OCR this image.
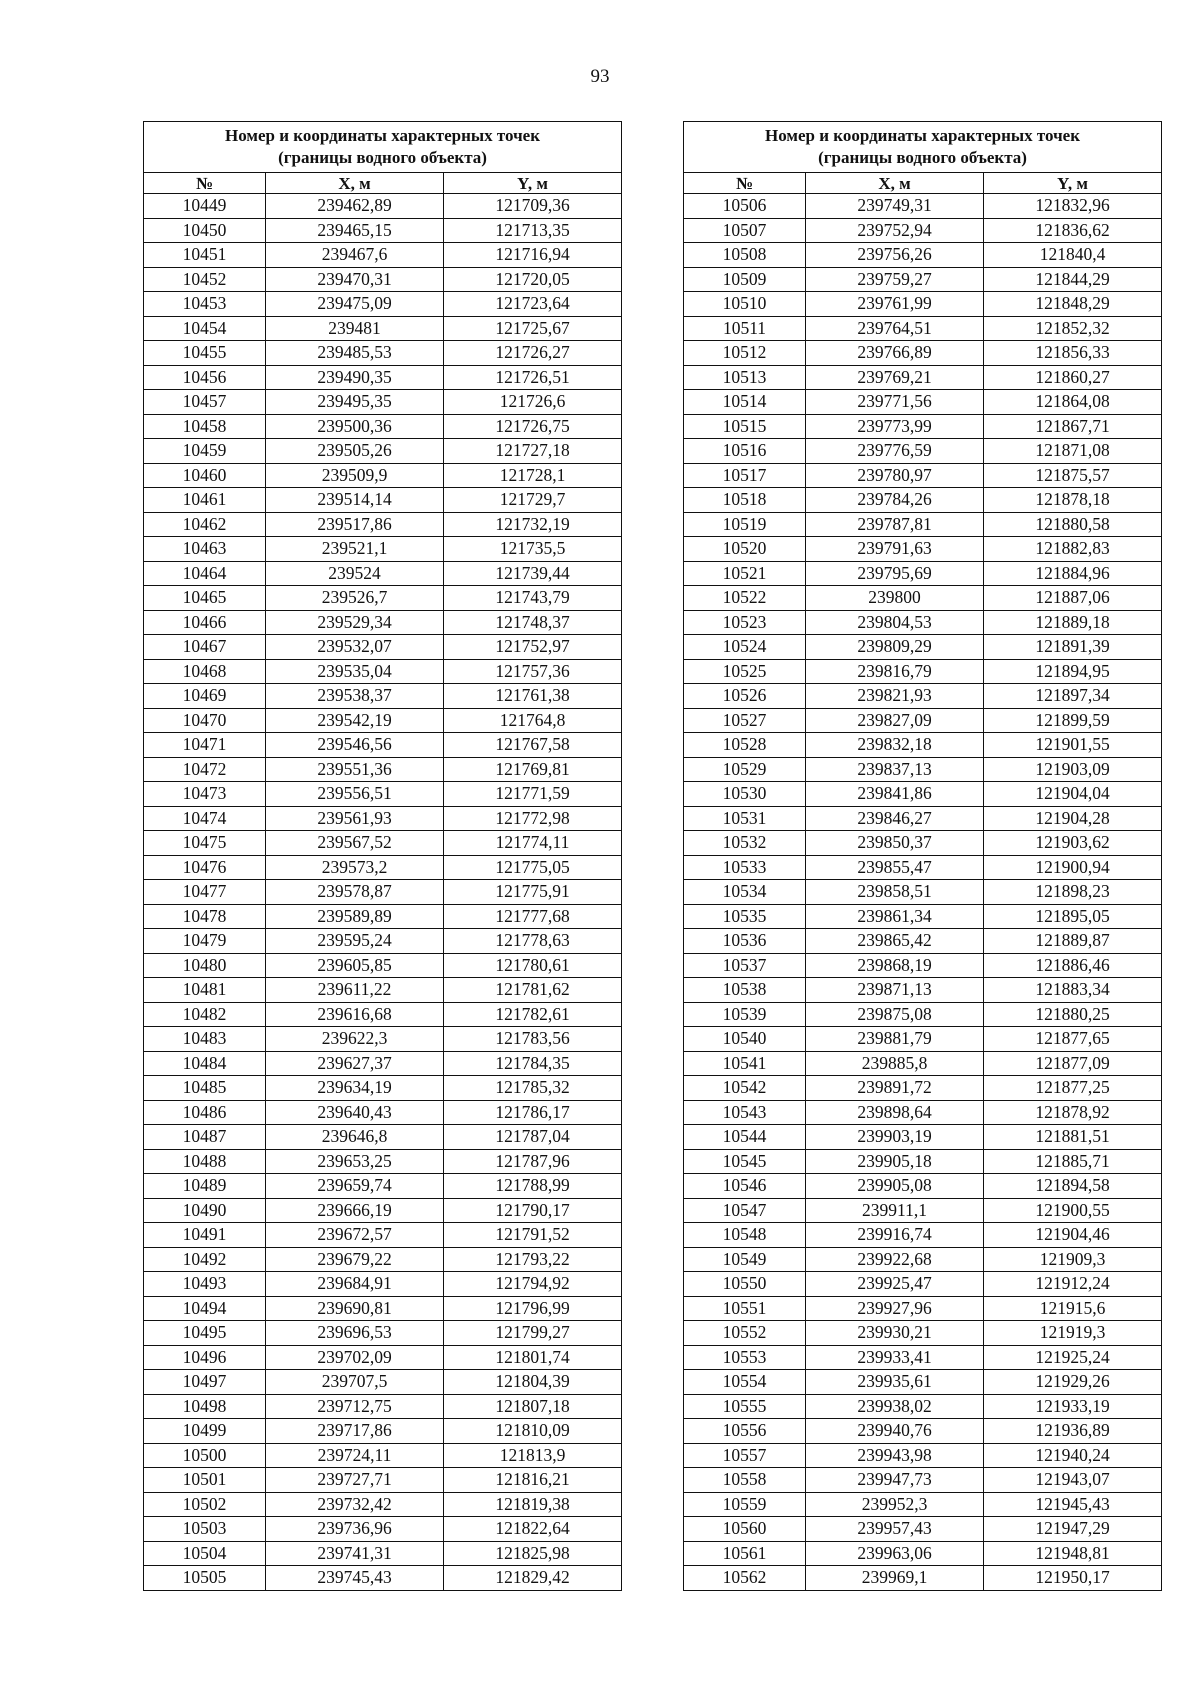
93
Номер и координаты характерных точек
(границы водного объекта)		

№	X, м	Y, м
10449	239462,89	121709,36
10450	239465,15	121713,35
10451	239467,6	121716,94
10452	239470,31	121720,05
10453	239475,09	121723,64
10454	239481	121725,67
10455	239485,53	121726,27
10456	239490,35	121726,51
10457	239495,35	121726,6
10458	239500,36	121726,75
10459	239505,26	121727,18
10460	239509,9	121728,1
10461	239514,14	121729,7
10462	239517,86	121732,19
10463	239521,1	121735,5
10464	239524	121739,44
10465	239526,7	121743,79
10466	239529,34	121748,37
10467	239532,07	121752,97
10468	239535,04	121757,36
10469	239538,37	121761,38
10470	239542,19	121764,8
10471	239546,56	121767,58
10472	239551,36	121769,81
10473	239556,51	121771,59
10474	239561,93	121772,98
10475	239567,52	121774,11
10476	239573,2	121775,05
10477	239578,87	121775,91
10478	239589,89	121777,68
10479	239595,24	121778,63
10480	239605,85	121780,61
10481	239611,22	121781,62
10482	239616,68	121782,61
10483	239622,3	121783,56
10484	239627,37	121784,35
10485	239634,19	121785,32
10486	239640,43	121786,17
10487	239646,8	121787,04
10488	239653,25	121787,96
10489	239659,74	121788,99
10490	239666,19	121790,17
10491	239672,57	121791,52
10492	239679,22	121793,22
10493	239684,91	121794,92
10494	239690,81	121796,99
10495	239696,53	121799,27
10496	239702,09	121801,74
10497	239707,5	121804,39
10498	239712,75	121807,18
10499	239717,86	121810,09
10500	239724,11	121813,9
10501	239727,71	121816,21
10502	239732,42	121819,38
10503	239736,96	121822,64
10504	239741,31	121825,98
10505	239745,43	121829,42
Номер и координаты характерных точек
(границы водного объекта)		

№	X, м	Y, м
10506	239749,31	121832,96
10507	239752,94	121836,62
10508	239756,26	121840,4
10509	239759,27	121844,29
10510	239761,99	121848,29
10511	239764,51	121852,32
10512	239766,89	121856,33
10513	239769,21	121860,27
10514	239771,56	121864,08
10515	239773,99	121867,71
10516	239776,59	121871,08
10517	239780,97	121875,57
10518	239784,26	121878,18
10519	239787,81	121880,58
10520	239791,63	121882,83
10521	239795,69	121884,96
10522	239800	121887,06
10523	239804,53	121889,18
10524	239809,29	121891,39
10525	239816,79	121894,95
10526	239821,93	121897,34
10527	239827,09	121899,59
10528	239832,18	121901,55
10529	239837,13	121903,09
10530	239841,86	121904,04
10531	239846,27	121904,28
10532	239850,37	121903,62
10533	239855,47	121900,94
10534	239858,51	121898,23
10535	239861,34	121895,05
10536	239865,42	121889,87
10537	239868,19	121886,46
10538	239871,13	121883,34
10539	239875,08	121880,25
10540	239881,79	121877,65
10541	239885,8	121877,09
10542	239891,72	121877,25
10543	239898,64	121878,92
10544	239903,19	121881,51
10545	239905,18	121885,71
10546	239905,08	121894,58
10547	239911,1	121900,55
10548	239916,74	121904,46
10549	239922,68	121909,3
10550	239925,47	121912,24
10551	239927,96	121915,6
10552	239930,21	121919,3
10553	239933,41	121925,24
10554	239935,61	121929,26
10555	239938,02	121933,19
10556	239940,76	121936,89
10557	239943,98	121940,24
10558	239947,73	121943,07
10559	239952,3	121945,43
10560	239957,43	121947,29
10561	239963,06	121948,81
10562	239969,1	121950,17
